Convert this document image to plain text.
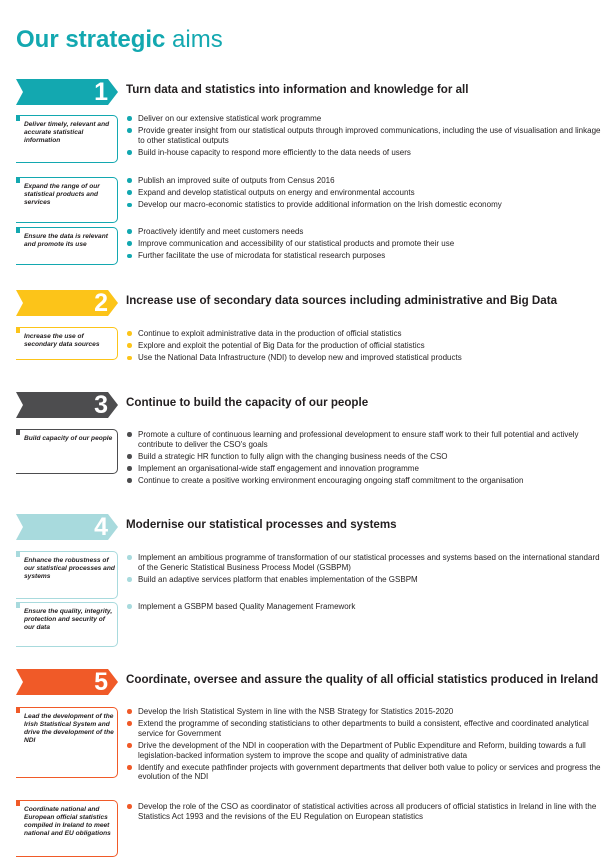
Our strategic aims
1 Turn data and statistics into information and knowledge for all
Deliver timely, relevant and accurate statistical information
Deliver on our extensive statistical work programme
Provide greater insight from our statistical outputs through improved communications, including the use of visualisation and linkage to other statistical outputs
Build in-house capacity to respond more efficiently to the data needs of users
Expand the range of our statistical products and services
Publish an improved suite of outputs from Census 2016
Expand and develop statistical outputs on energy and environmental accounts
Develop our macro-economic statistics to provide additional information on the Irish domestic economy
Ensure the data is relevant and promote its use
Proactively identify and meet customers needs
Improve communication and accessibility of our statistical products and promote their use
Further facilitate the use of microdata for statistical research purposes
2 Increase use of secondary data sources including administrative and Big Data
Increase the use of secondary data sources
Continue to exploit administrative data in the production of official statistics
Explore and exploit the potential of Big Data for the production of official statistics
Use the National Data Infrastructure (NDI) to develop new and improved statistical products
3 Continue to build the capacity of our people
Build capacity of our people	Promote a culture of continuous learning and professional development to ensure staff work to their full potential and actively contribute to deliver the CSO's goals
Build a strategic HR function to fully align with the changing business needs of the CSO
Implement an organisational-wide staff engagement and innovation programme
Continue to create a positive working environment encouraging ongoing staff commitment to the organisation
4 Modernise our statistical processes and systems
Enhance the robustness of our statistical processes and systems
Implement an ambitious programme of transformation of our statistical processes and systems based on the international standard of the Generic Statistical Business Process Model (GSBPM)
Build an adaptive services platform that enables implementation of the GSBPM
Ensure the quality, integrity, protection and security of our data
Implement a GSBPM based Quality Management Framework
5 Coordinate, oversee and assure the quality of all official statistics produced in Ireland
Lead the development of the Irish Statistical System and drive the development of the NDI
Develop the Irish Statistical System in line with the NSB Strategy for Statistics 2015-2020
Extend the programme of seconding statisticians to other departments to build a consistent, effective and coordinated analytical service for Government
Drive the development of the NDI in cooperation with the Department of Public Expenditure and Reform, building towards a full legislation-backed information system to improve the scope and quality of administrative data
Identify and execute pathfinder projects with government departments that deliver both value to policy or services and progress the evolution of the NDI
Coordinate national and European official statistics compiled in Ireland to meet national and EU obligations
Develop the role of the CSO as coordinator of statistical activities across all producers of official statistics in Ireland in line with the Statistics Act 1993 and the revisions of the EU Regulation on European statistics
